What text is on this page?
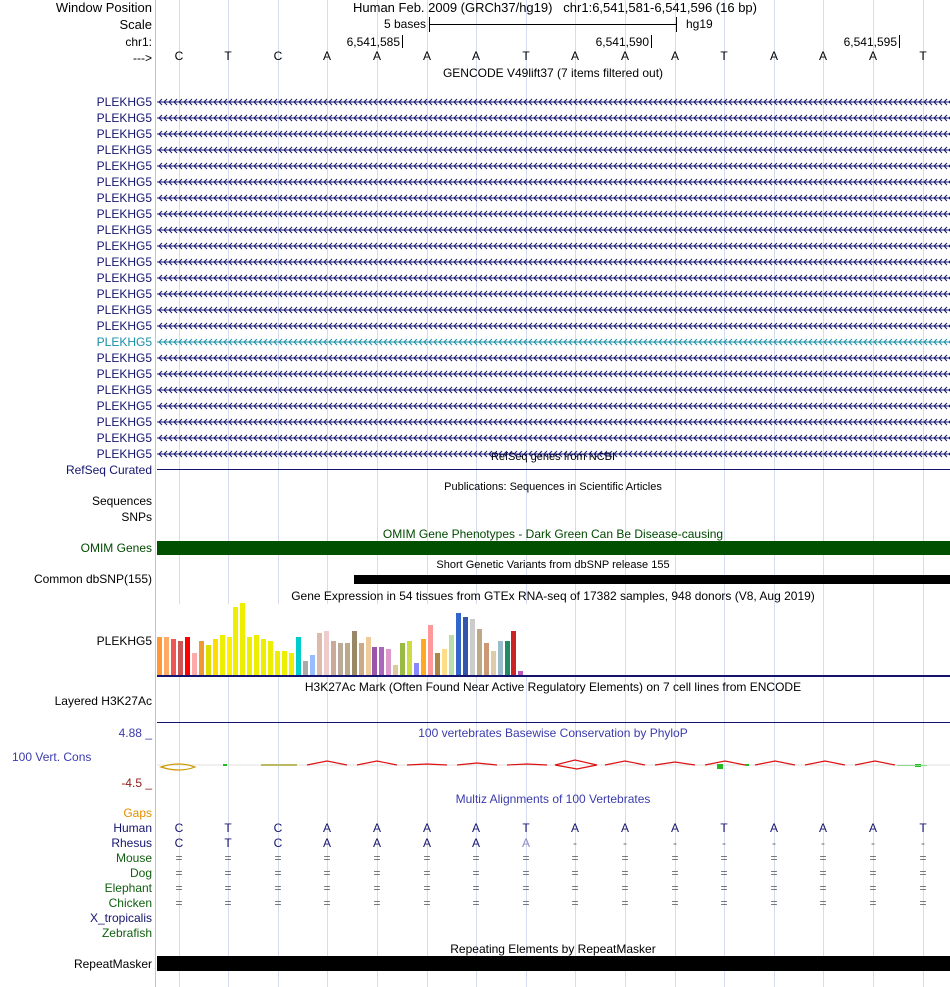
Window Position	Human Feb. 2009 (GRCh37/hg19) chr1:6,541,581-6,541,596 (16 bp)
Scale	5 bases	hg19
chr1:	6,541,585	6,541,590	6,541,595
--->
GENCODE V49lift37 (7 items filtered out)
RefSeq genes from NCBI
RefSeq Curated
Publications: Sequences in Scientific Articles
Sequences
SNPs
OMIM Gene Phenotypes - Dark Green Can Be Disease-causing
OMIM Genes
Short Genetic Variants from dbSNP release 155
Common dbSNP(155)
Gene Expression in 54 tissues from GTEx RNA-seq of 17382 samples, 948 donors (V8, Aug 2019)
PLEKHG5
H3K27Ac Mark (Often Found Near Active Regulatory Elements) on 7 cell lines from ENCODE
Layered H3K27Ac
100 vertebrates Basewise Conservation by PhyloP
4.88 _
100 Vert. Cons
-4.5 _
Multiz Alignments of 100 Vertebrates
Gaps
Repeating Elements by RepeatMasker
RepeatMasker
C	T	C	A	A	A	A	T	A	A	A	T	A	A	A	T
PLEKHG5
PLEKHG5
PLEKHG5
PLEKHG5
PLEKHG5
PLEKHG5
PLEKHG5
PLEKHG5
PLEKHG5
PLEKHG5
PLEKHG5
PLEKHG5
PLEKHG5
PLEKHG5
PLEKHG5
PLEKHG5
PLEKHG5
PLEKHG5
PLEKHG5
PLEKHG5
PLEKHG5
PLEKHG5
PLEKHG5
Human	C	T	C	A	A	A	A	T	A	A	A	T	A	A	A	T
Rhesus	C	T	C	A	A	A	A	A	-	-	-	-	-	-	-	-
Mouse	=	=	=	=	=	=	=	=	=	=	=	=	=	=	=	=
Dog	=	=	=	=	=	=	=	=	=	=	=	=	=	=	=	=
Elephant	=	=	=	=	=	=	=	=	=	=	=	=	=	=	=	=
Chicken	=	=	=	=	=	=	=	=	=	=	=	=	=	=	=	=
X_tropicalis
Zebrafish
